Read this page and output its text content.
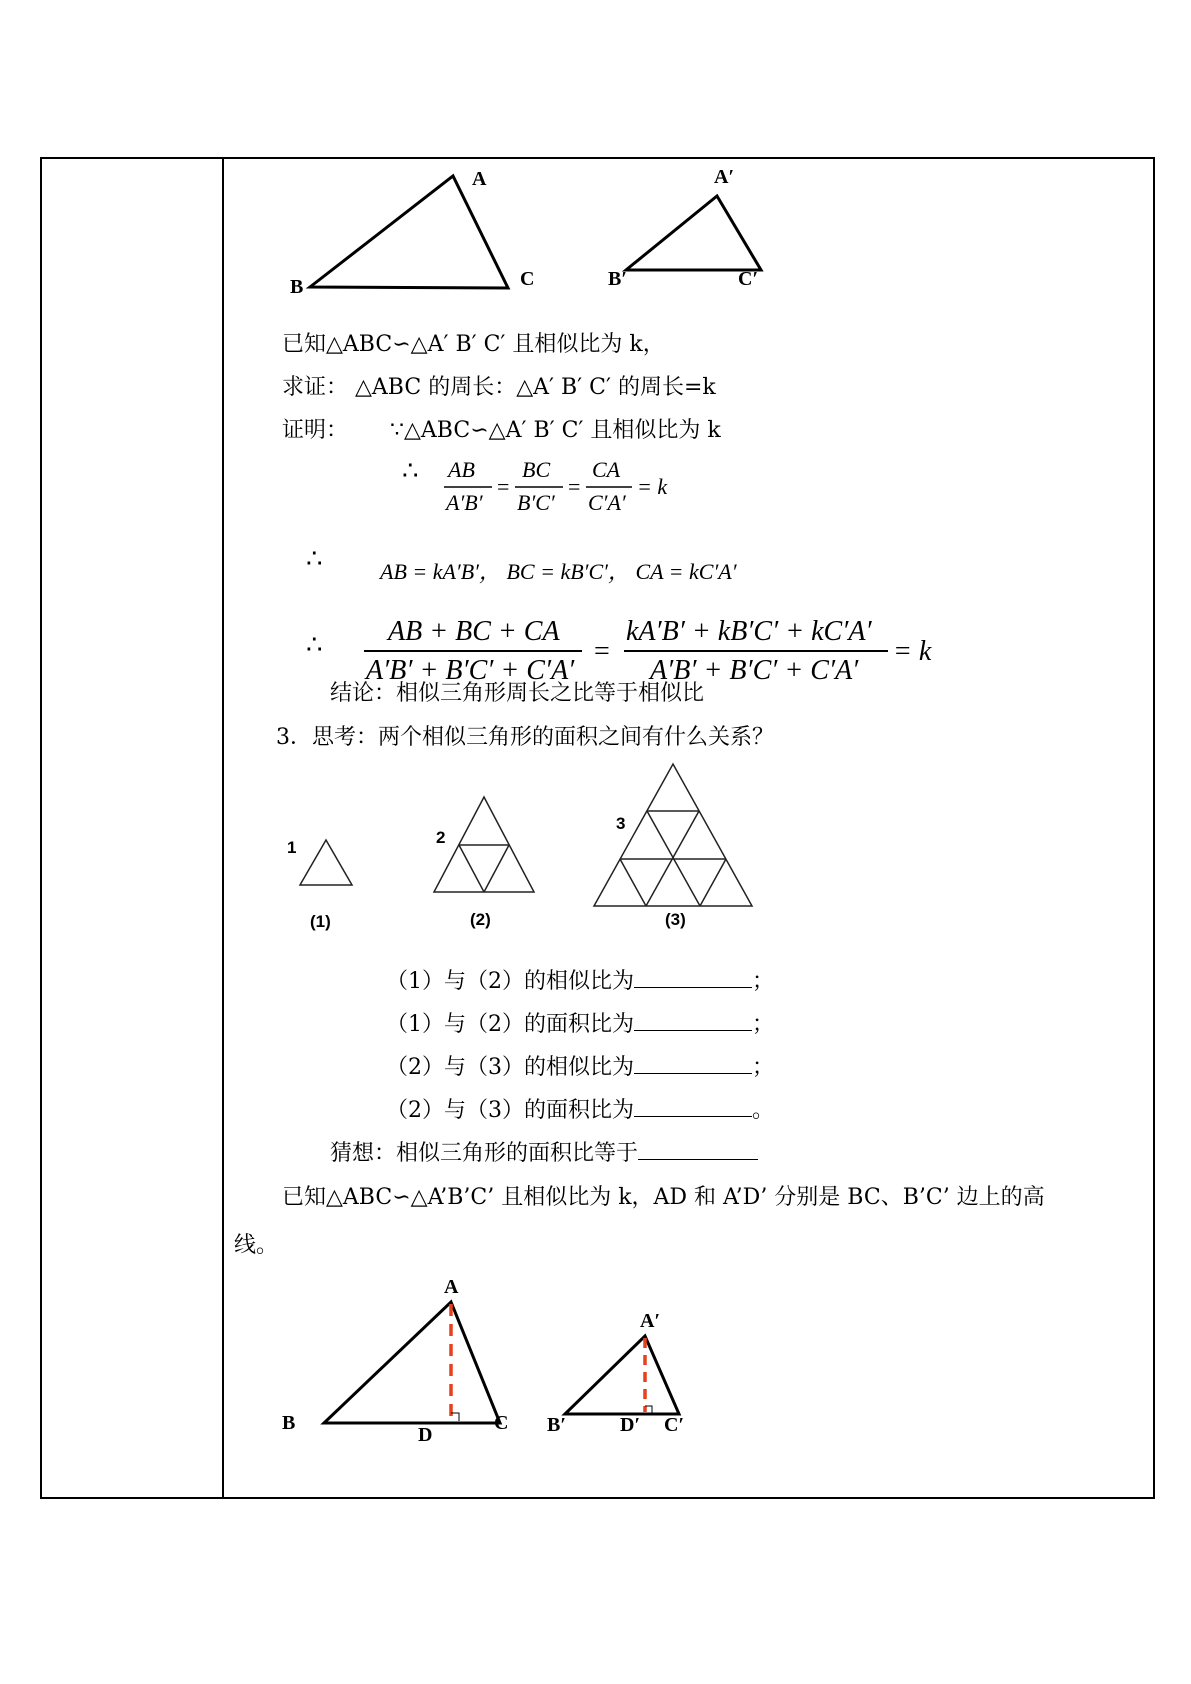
A
B	C
A′
B′	C′
已知△ABC∽△A′ B′ C′ 且相似比为 k，
求证： △ABC 的周长：△A′ B′ C′ 的周长=k
证明： ∵△ABC∽△A′ B′ C′ 且相似比为 k
∴ AB
A′B′
=
BC
B′C′
=
CA
C′A′
= k
∴	AB = kA′B′， BC = kB′C′， CA = kC′A′
∴ AB + BC + CA
A′B′ + B′C′ + C′A′
=
kA′B′ + kB′C′ + kC′A′
A′B′ + B′C′ + C′A′
= k
结论：相似三角形周长之比等于相似比
3．思考：两个相似三角形的面积之间有什么关系？
1
2
3
(1)	(2)	(3)
（1）与（2）的相似比为	；
（1）与（2）的面积比为	；
（2）与（3）的相似比为	；
（2）与（3）的面积比为	。
猜想：相似三角形的面积比等于
已知△ABC∽△A’B’C’ 且相似比为 k，AD 和 A’D’ 分别是 BC、B’C’ 边上的高
线。
A
B	C
D
A′
B′	C′
D′
